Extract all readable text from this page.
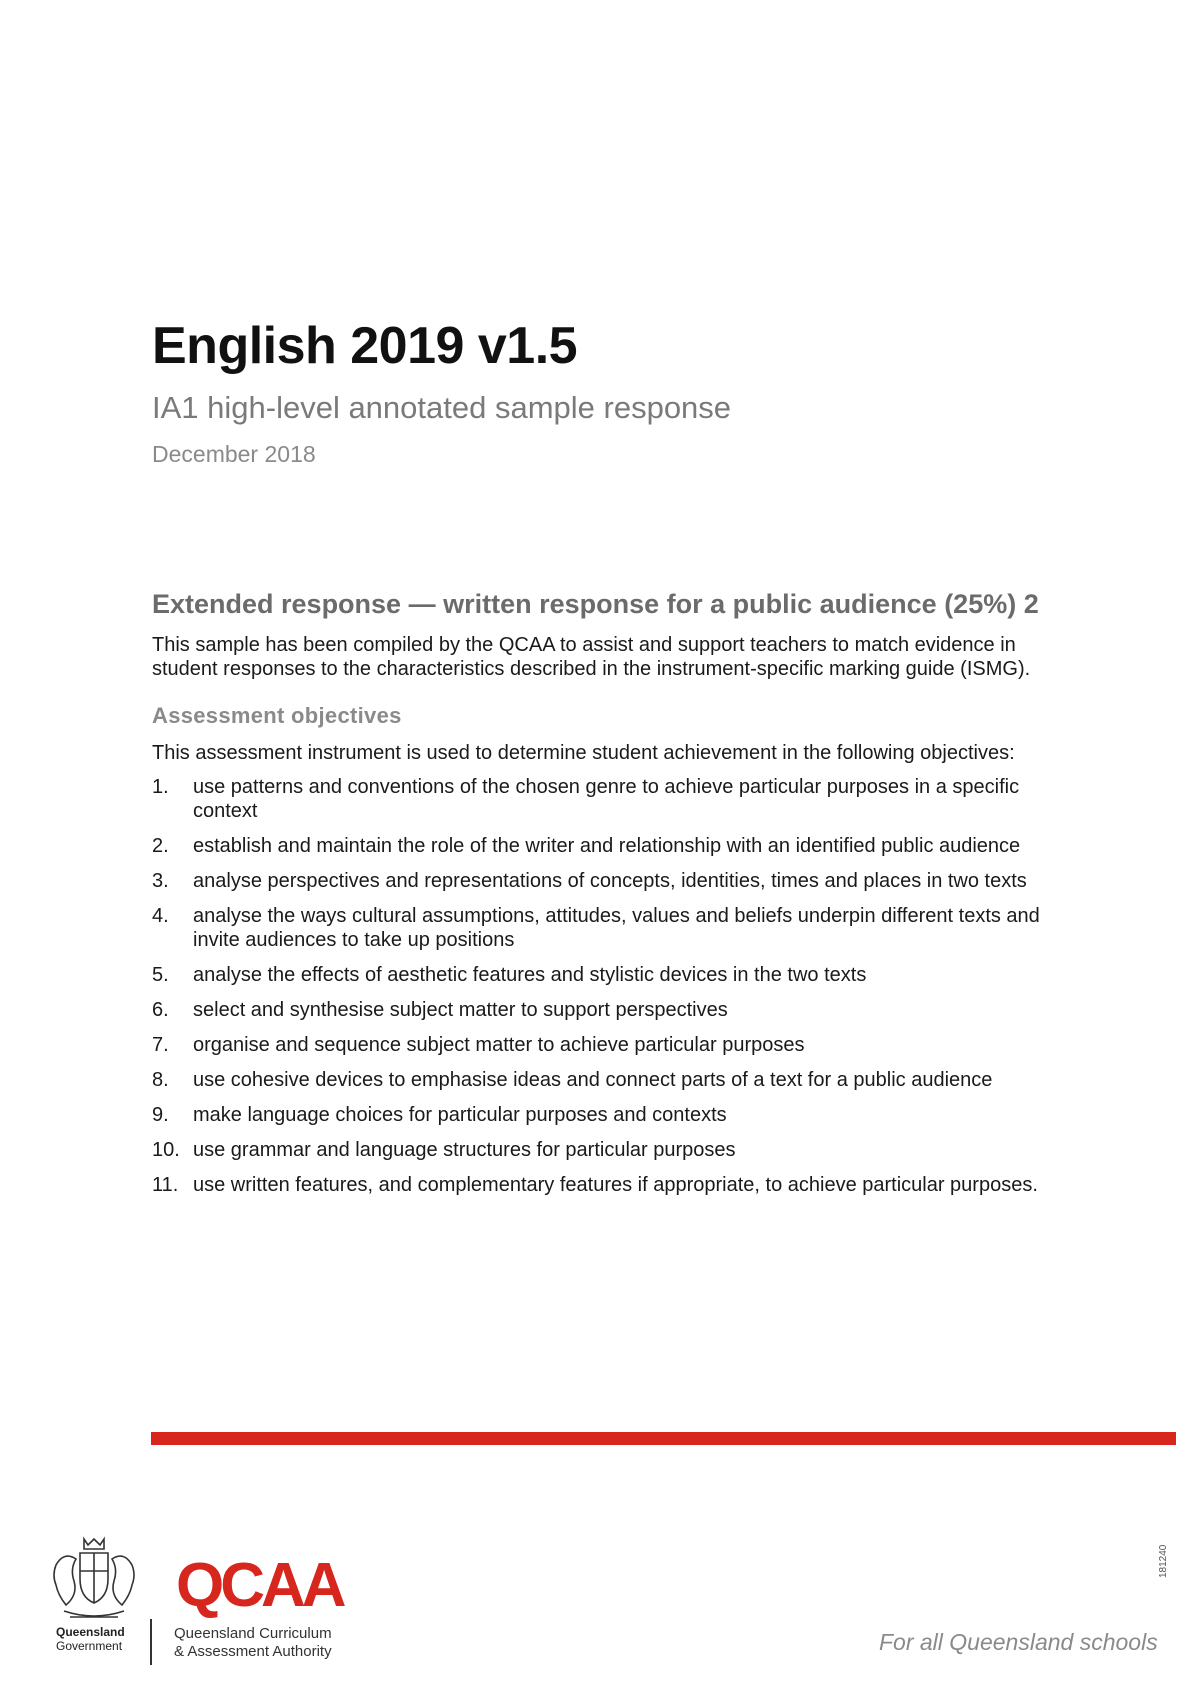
English 2019 v1.5
IA1 high-level annotated sample response
December 2018
Extended response — written response for a public audience (25%) 2

This sample has been compiled by the QCAA to assist and support teachers to match evidence in student responses to the characteristics described in the instrument-specific marking guide (ISMG).

Assessment objectives

This assessment instrument is used to determine student achievement in the following objectives:

1.	use patterns and conventions of the chosen genre to achieve particular purposes in a specific context
2.	establish and maintain the role of the writer and relationship with an identified public audience
3.	analyse perspectives and representations of concepts, identities, times and places in two texts
4.	analyse the ways cultural assumptions, attitudes, values and beliefs underpin different texts and invite audiences to take up positions
5.	analyse the effects of aesthetic features and stylistic devices in the two texts
6.	select and synthesise subject matter to support perspectives
7.	organise and sequence subject matter to achieve particular purposes
8.	use cohesive devices to emphasise ideas and connect parts of a text for a public audience
9.	make language choices for particular purposes and contexts
10. use grammar and language structures for particular purposes
11. use written features, and complementary features if appropriate, to achieve particular purposes.
Queensland
Government
QCAA
Queensland Curriculum
& Assessment Authority
181240
For all Queensland schools
